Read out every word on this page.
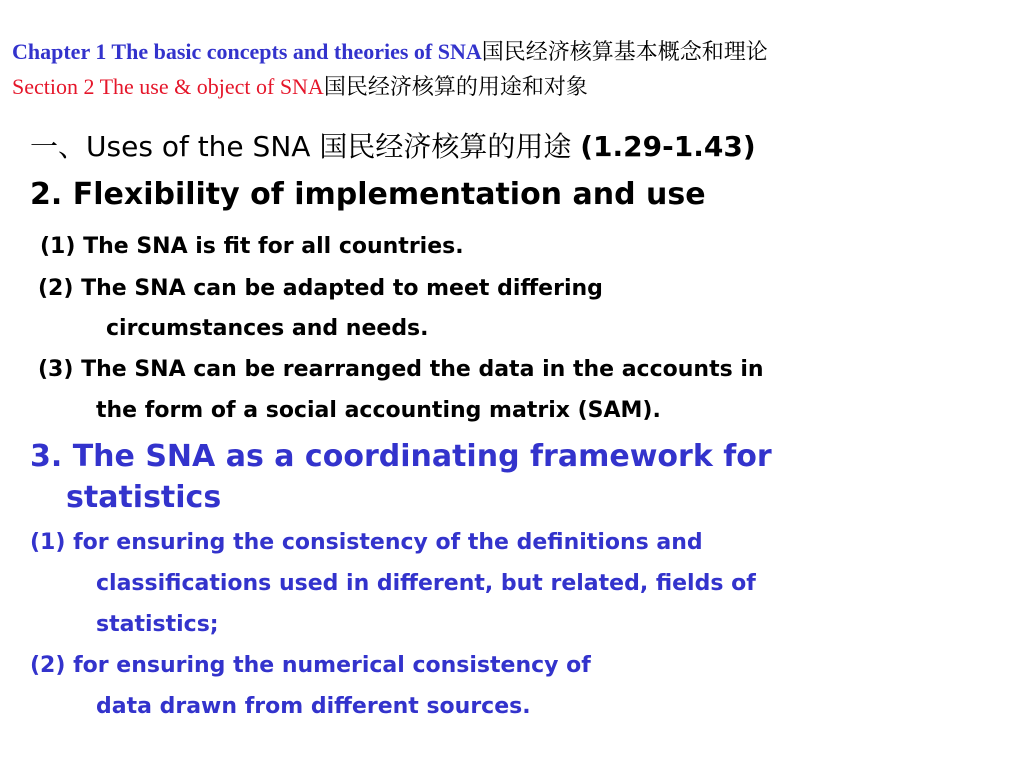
Chapter 1 The basic concepts and theories of SNA国民经济核算基本概念和理论
Section 2 The use & object of SNA国民经济核算的用途和对象
一、Uses of the SNA 国民经济核算的用途 (1.29-1.43)
2. Flexibility of implementation and use
(1) The SNA is fit for all countries.
(2) The SNA can be adapted to meet differing
circumstances and needs.
(3) The SNA can be rearranged the data in the accounts in
the form of a social accounting matrix (SAM).
3. The SNA as a coordinating framework for
statistics
(1) for ensuring the consistency of the definitions and
classifications used in different, but related, fields of
statistics;
(2) for ensuring the numerical consistency of
data drawn from different sources.
